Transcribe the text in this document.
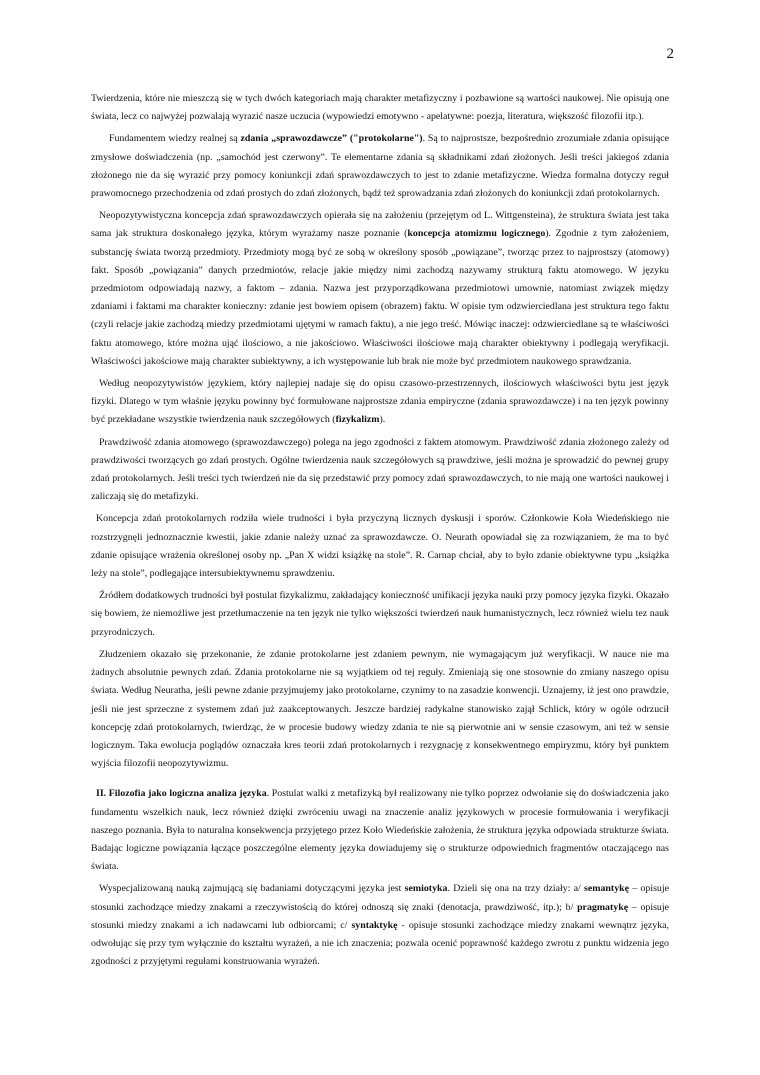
2

Twierdzenia, które nie mieszczą się w tych dwóch kategoriach mają charakter metafizyczny i pozbawione są wartości naukowej. Nie opisują one świata, lecz co najwyżej pozwalają wyrazić nasze uczucia (wypowiedzi emotywno - apelatywne: poezja, literatura, większość filozofii itp.).

Fundamentem wiedzy realnej są zdania „sprawozdawcze” ("protokolarne"). Są to najprostsze, bezpośrednio zrozumiałe zdania opisujące zmysłowe doświadczenia (np. „samochód jest czerwony”. Te elementarne zdania są składnikami zdań złożonych. Jeśli treści jakiegoś zdania złożonego nie da się wyrazić przy pomocy koniunkcji zdań sprawozdawczych to jest to zdanie metafizyczne. Wiedza formalna dotyczy reguł prawomocnego przechodzenia od zdań prostych do zdań złożonych, bądź też sprowadzania zdań złożonych do koniunkcji zdań protokolarnych.

Neopozytywistyczna koncepcja zdań sprawozdawczych opierała się na założeniu (przejętym od L. Wittgensteina), że struktura świata jest taka sama jak struktura doskonałego języka, którym wyrażamy nasze poznanie (koncepcja atomizmu logicznego). Zgodnie z tym założeniem, substancję świata tworzą przedmioty. Przedmioty mogą być ze sobą w określony sposób „powiązane”, tworząc przez to najprostszy (atomowy) fakt. Sposób „powiązania” danych przedmiotów, relacje jakie między nimi zachodzą nazywamy strukturą faktu atomowego. W języku przedmiotom odpowiadają nazwy, a faktom – zdania. Nazwa jest przyporządkowana przedmiotowi umownie, natomiast związek między zdaniami i faktami ma charakter konieczny: zdanie jest bowiem opisem (obrazem) faktu. W opisie tym odzwierciedlana jest struktura tego faktu (czyli relacje jakie zachodzą miedzy przedmiotami ujętymi w ramach faktu), a nie jego treść. Mówiąc inaczej: odzwierciedlane są te właściwości faktu atomowego, które można ująć ilościowo, a nie jakościowo. Właściwości ilościowe mają charakter obiektywny i podlegają weryfikacji. Właściwości jakościowe mają charakter subiektywny, a ich występowanie lub brak nie może być przedmiotem naukowego sprawdzania.

Według neopozytywistów językiem, który najlepiej nadaje się do opisu czasowo-przestrzennych, ilościowych właściwości bytu jest język fizyki. Dlatego w tym właśnie języku powinny być formułowane najprostsze zdania empiryczne (zdania sprawozdawcze) i na ten język powinny być przekładane wszystkie twierdzenia nauk szczegółowych (fizykalizm).

Prawdziwość zdania atomowego (sprawozdawczego) polega na jego zgodności z faktem atomowym. Prawdziwość zdania złożonego zależy od prawdziwości tworzących go zdań prostych. Ogólne twierdzenia nauk szczegółowych są prawdziwe, jeśli można je sprowadzić do pewnej grupy zdań protokolarnych. Jeśli treści tych twierdzeń nie da się przedstawić przy pomocy zdań sprawozdawczych, to nie mają one wartości naukowej i zaliczają się do metafizyki.

Koncepcja zdań protokolarnych rodziła wiele trudności i była przyczyną licznych dyskusji i sporów. Członkowie Koła Wiedeńskiego nie rozstrzygnęli jednoznacznie kwestii, jakie zdanie należy uznać za sprawozdawcze. O. Neurath opowiadał się za rozwiązaniem, że ma to być zdanie opisujące wrażenia określonej osoby np. „Pan X widzi książkę na stole”. R. Carnap chciał, aby to było zdanie obiektywne typu „książka leży na stole”, podlegające intersubiektywnemu sprawdzeniu.

Źródłem dodatkowych trudności był postulat fizykalizmu, zakładający konieczność unifikacji języka nauki przy pomocy języka fizyki. Okazało się bowiem, że niemożliwe jest przetłumaczenie na ten język nie tylko większości twierdzeń nauk humanistycznych, lecz również wielu tez nauk przyrodniczych.

Złudzeniem okazało się przekonanie, że zdanie protokolarne jest zdaniem pewnym, nie wymagającym już weryfikacji. W nauce nie ma żadnych absolutnie pewnych zdań. Zdania protokolarne nie są wyjątkiem od tej reguły. Zmieniają się one stosownie do zmiany naszego opisu świata. Według Neuratha, jeśli pewne zdanie przyjmujemy jako protokolarne, czynimy to na zasadzie konwencji. Uznajemy, iż jest ono prawdzie, jeśli nie jest sprzeczne z systemem zdań już zaakceptowanych. Jeszcze bardziej radykalne stanowisko zajął Schlick, który w ogóle odrzucił koncepcję zdań protokolarnych, twierdząc, że w procesie budowy wiedzy zdania te nie są pierwotnie ani w sensie czasowym, ani też w sensie logicznym. Taka ewolucja poglądów oznaczała kres teorii zdań protokolarnych i rezygnację z konsekwentnego empiryzmu, który był punktem wyjścia filozofii neopozytywizmu.

II. Filozofia jako logiczna analiza języka. Postulat walki z metafizyką był realizowany nie tylko poprzez odwołanie się do doświadczenia jako fundamentu wszelkich nauk, lecz również dzięki zwróceniu uwagi na znaczenie analiz językowych w procesie formułowania i weryfikacji naszego poznania. Była to naturalna konsekwencja przyjętego przez Koło Wiedeńskie założenia, że struktura języka odpowiada strukturze świata. Badając logiczne powiązania łączące poszczególne elementy języka dowiadujemy się o strukturze odpowiednich fragmentów otaczającego nas świata.

Wyspecjalizowaną nauką zajmującą się badaniami dotyczącymi języka jest semiotyka. Dzieli się ona na trzy działy: a/ semantykę – opisuje stosunki zachodzące miedzy znakami a rzeczywistością do której odnoszą się znaki (denotacja, prawdziwość, itp.); b/ pragmatykę – opisuje stosunki miedzy znakami a ich nadawcami lub odbiorcami; c/ syntaktykę - opisuje stosunki zachodzące miedzy znakami wewnątrz języka, odwołując się przy tym wyłącznie do kształtu wyrażeń, a nie ich znaczenia; pozwala ocenić poprawność każdego zwrotu z punktu widzenia jego zgodności z przyjętymi regułami konstruowania wyrażeń.
